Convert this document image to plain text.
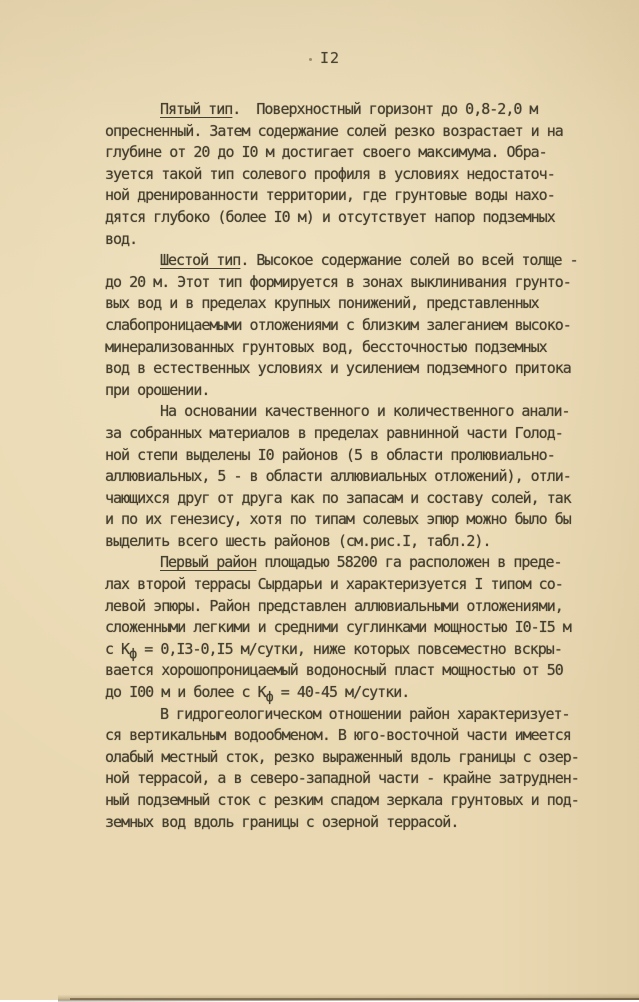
I2
Пятый тип.  Поверхностный горизонт до 0,8-2,0 м
опресненный. Затем содержание солей резко возрастает и на
глубине от 20 до I0 м достигает своего максимума. Обра-
зуется такой тип солевого профиля в условиях недостаточ-
ной дренированности территории, где грунтовые воды нахо-
дятся глубоко (более I0 м) и отсутствует напор подземных
вод.
Шестой тип. Высокое содержание солей во всей толще -
до 20 м. Этот тип формируется в зонах выклинивания грунто-
вых вод и в пределах крупных понижений, представленных
слабопроницаемыми отложениями с близким залеганием высоко-
минерализованных грунтовых вод, бессточностью подземных
вод в естественных условиях и усилением подземного притока
при орошении.
На основании качественного и количественного анали-
за собранных материалов в пределах равнинной части Голод-
ной степи выделены I0 районов (5 в области пролювиально-
аллювиальных, 5 - в области аллювиальных отложений), отли-
чающихся друг от друга как по запасам и составу солей, так
и по их генезису, хотя по типам солевых эпюр можно было бы
выделить всего шесть районов (см.рис.I, табл.2).
Первый район площадью 58200 га расположен в преде-
лах второй террасы Сырдарьи и характеризуется I типом со-
левой эпюры. Район представлен аллювиальными отложениями,
сложенными легкими и средними суглинками мощностью I0-I5 м
с Кф = 0,I3-0,I5 м/сутки, ниже которых повсеместно вскры-
вается хорошопроницаемый водоносный пласт мощностью от 50
до I00 м и более с Кф = 40-45 м/сутки.
В гидрогеологическом отношении район характеризует-
ся вертикальным водообменом. В юго-восточной части имеется
олабый местный сток, резко выраженный вдоль границы с озер-
ной террасой, а в северо-западной части - крайне затруднен-
ный подземный сток с резким спадом зеркала грунтовых и под-
земных вод вдоль границы с озерной террасой.
